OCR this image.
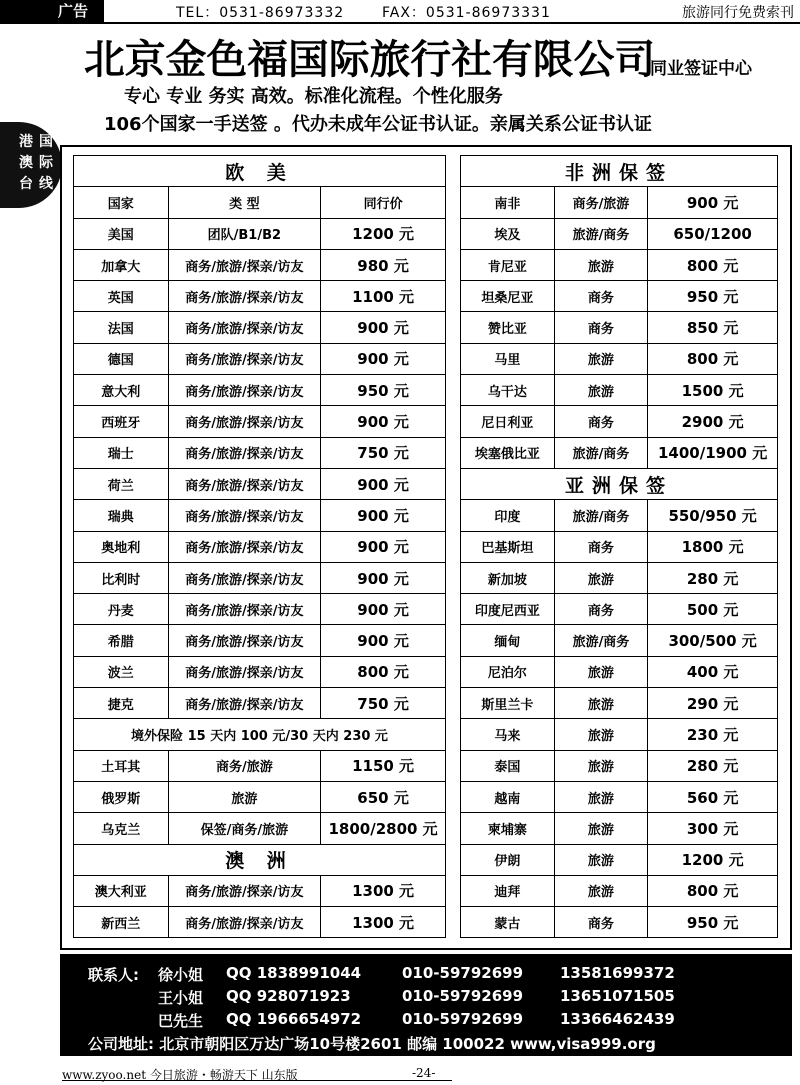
广告	TEL：0531-86973332	FAX：0531-86973331	旅游同行免费索刊
北京金色福国际旅行社有限公司
同业签证中心
专心 专业 务实 高效。标准化流程。个性化服务
106个国家一手送签 。代办未成年公证书认证。亲属关系公证书认证
港
澳
台
国
际
线
欧 美		
国家	类 型	同行价
美国	团队/B1/B2	1200 元
加拿大	商务/旅游/探亲/访友	980 元
英国	商务/旅游/探亲/访友	1100 元
法国	商务/旅游/探亲/访友	900 元
德国	商务/旅游/探亲/访友	900 元
意大利	商务/旅游/探亲/访友	950 元
西班牙	商务/旅游/探亲/访友	900 元
瑞士	商务/旅游/探亲/访友	750 元
荷兰	商务/旅游/探亲/访友	900 元
瑞典	商务/旅游/探亲/访友	900 元
奥地利	商务/旅游/探亲/访友	900 元
比利时	商务/旅游/探亲/访友	900 元
丹麦	商务/旅游/探亲/访友	900 元
希腊	商务/旅游/探亲/访友	900 元
波兰	商务/旅游/探亲/访友	800 元
捷克	商务/旅游/探亲/访友	750 元
境外保险 15 天内 100 元/30 天内 230 元		
土耳其	商务/旅游	1150 元
俄罗斯	旅游	650 元
乌克兰	保签/商务/旅游	1800/2800 元
澳 洲		
澳大利亚	商务/旅游/探亲/访友	1300 元
新西兰	商务/旅游/探亲/访友	1300 元
非洲保签		
南非	商务/旅游	900 元
埃及	旅游/商务	650/1200
肯尼亚	旅游	800 元
坦桑尼亚	商务	950 元
赞比亚	商务	850 元
马里	旅游	800 元
乌干达	旅游	1500 元
尼日利亚	商务	2900 元
埃塞俄比亚	旅游/商务	1400/1900 元
亚洲保签		
印度	旅游/商务	550/950 元
巴基斯坦	商务	1800 元
新加坡	旅游	280 元
印度尼西亚	商务	500 元
缅甸	旅游/商务	300/500 元
尼泊尔	旅游	400 元
斯里兰卡	旅游	290 元
马来	旅游	230 元
泰国	旅游	280 元
越南	旅游	560 元
柬埔寨	旅游	300 元
伊朗	旅游	1200 元
迪拜	旅游	800 元
蒙古	商务	950 元
联系人: 徐小姐 QQ 1838991044	010-59792699 13581699372
王小姐 QQ 928071923	010-59792699 13651071505
巴先生 QQ 1966654972	010-59792699 13366462439
公司地址: 北京市朝阳区万达广场10号楼2601 邮编 100022 www,visa999.org
www.zyoo.net 今日旅游・畅游天下 山东版	-24-
